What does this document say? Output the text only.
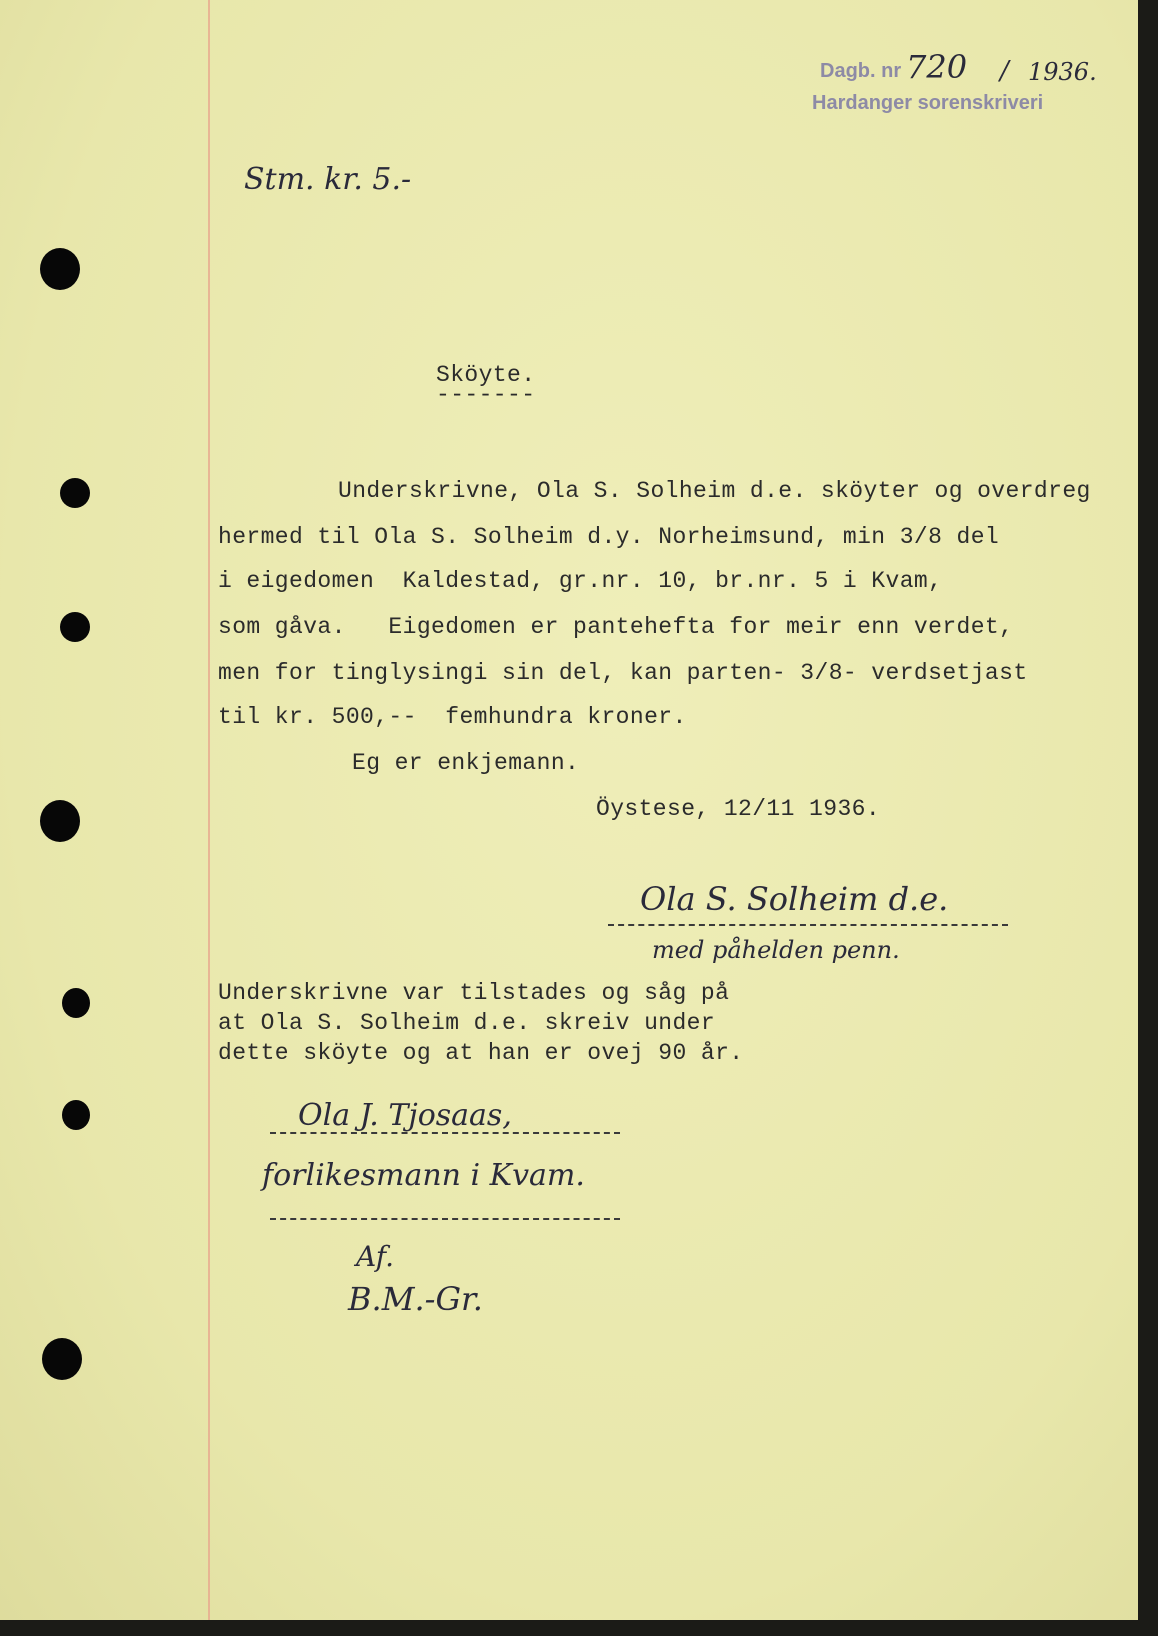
Dagb. nr 720 / 1936.
Hardanger sorenskriveri
Stm. kr. 5.-
Sköyte.
-------
Underskrivne, Ola S. Solheim d.e. sköyter og overdreg
hermed til Ola S. Solheim d.y. Norheimsund, min 3/8 del
i eigedomen  Kaldestad, gr.nr. 10, br.nr. 5 i Kvam,
som gåva.   Eigedomen er pantehefta for meir enn verdet,
men for tinglysingi sin del, kan parten- 3/8- verdsetjast
til kr. 500,--  femhundra kroner.
Eg er enkjemann.
Öystese, 12/11 1936.
Ola S. Solheim d.e.
med påhelden penn.
Underskrivne var tilstades og såg på
at Ola S. Solheim d.e. skreiv under
dette sköyte og at han er ovej 90 år.
Ola J. Tjosaas,
forlikesmann i Kvam.
Af.
B.M.-Gr.
